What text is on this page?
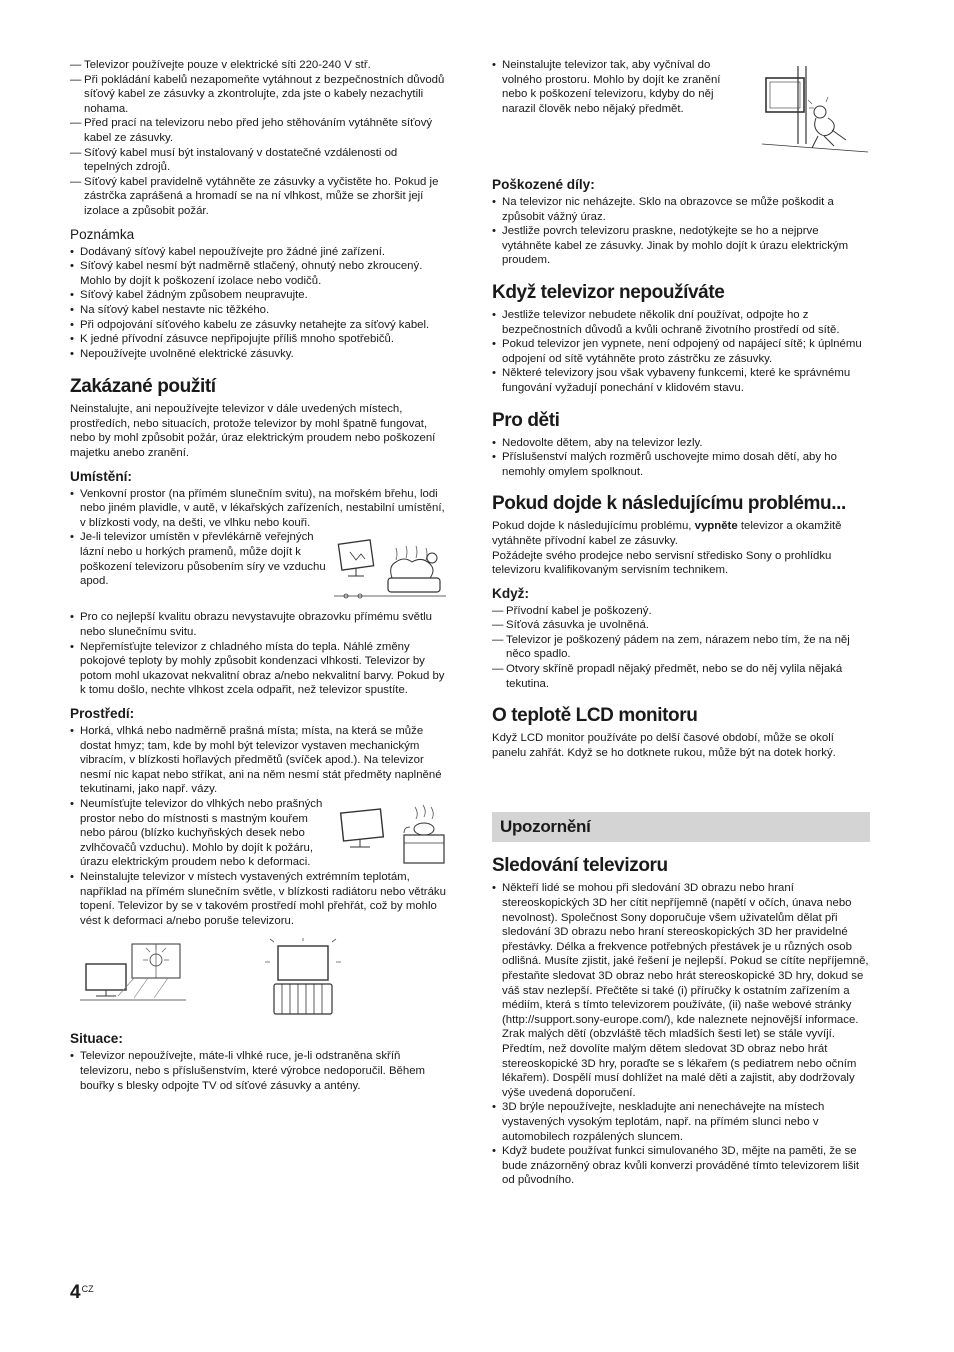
— Televizor používejte pouze v elektrické síti 220-240 V stř.
— Při pokládání kabelů nezapomeňte vytáhnout z bezpečnostních důvodů síťový kabel ze zásuvky a zkontrolujte, zda jste o kabely nezachytili nohama.
— Před prací na televizoru nebo před jeho stěhováním vytáhněte síťový kabel ze zásuvky.
— Síťový kabel musí být instalovaný v dostatečné vzdálenosti od tepelných zdrojů.
— Síťový kabel pravidelně vytáhněte ze zásuvky a vyčistěte ho. Pokud je zástrčka zaprášená a hromadí se na ní vlhkost, může se zhoršit její izolace a způsobit požár.
Poznámka
• Dodávaný síťový kabel nepoužívejte pro žádné jiné zařízení.
• Síťový kabel nesmí být nadměrně stlačený, ohnutý nebo zkroucený. Mohlo by dojít k poškození izolace nebo vodičů.
• Síťový kabel žádným způsobem neupravujte.
• Na síťový kabel nestavte nic těžkého.
• Při odpojování síťového kabelu ze zásuvky netahejte za síťový kabel.
• K jedné přívodní zásuvce nepřipojujte příliš mnoho spotřebičů.
• Nepoužívejte uvolněné elektrické zásuvky.
Zakázané použití

Neinstalujte, ani nepoužívejte televizor v dále uvedených místech, prostředích, nebo situacích, protože televizor by mohl špatně fungovat, nebo by mohl způsobit požár, úraz elektrickým proudem nebo poškození majetku anebo zranění.

Umístění:
• Venkovní prostor (na přímém slunečním svitu), na mořském břehu, lodi nebo jiném plavidle, v autě, v lékařských zařízeních, nestabilní umístění, v blízkosti vody, na dešti, ve vlhku nebo kouři.
• Je-li televizor umístěn v převlékárně veřejných lázní nebo u horkých pramenů, může dojít k poškození televizoru působením síry ve vzduchu apod.
• Pro co nejlepší kvalitu obrazu nevystavujte obrazovku přímému světlu nebo slunečnímu svitu.
• Nepřemísťujte televizor z chladného místa do tepla. Náhlé změny pokojové teploty by mohly způsobit kondenzaci vlhkosti. Televizor by potom mohl ukazovat nekvalitní obraz a/nebo nekvalitní barvy. Pokud by k tomu došlo, nechte vlhkost zcela odpařit, než televizor spustíte.
Prostředí:
• Horká, vlhká nebo nadměrně prašná místa; místa, na která se může dostat hmyz; tam, kde by mohl být televizor vystaven mechanickým vibracím, v blízkosti hořlavých předmětů (svíček apod.). Na televizor nesmí nic kapat nebo stříkat, ani na něm nesmí stát předměty naplněné tekutinami, jako např. vázy.
• Neumísťujte televizor do vlhkých nebo prašných prostor nebo do místnosti s mastným kouřem nebo párou (blízko kuchyňských desek nebo zvlhčovačů vzduchu). Mohlo by dojít k požáru, úrazu elektrickým proudem nebo k deformaci.
• Neinstalujte televizor v místech vystavených extrémním teplotám, například na přímém slunečním světle, v blízkosti radiátoru nebo větráku topení. Televizor by se v takovém prostředí mohl přehřát, což by mohlo vést k deformaci a/nebo poruše televizoru.
Situace:
• Televizor nepoužívejte, máte-li vlhké ruce, je-li odstraněna skříň televizoru, nebo s příslušenstvím, které výrobce nedoporučil. Během bouřky s blesky odpojte TV od síťové zásuvky a antény.
• Neinstalujte televizor tak, aby vyčníval do volného prostoru. Mohlo by dojít ke zranění nebo k poškození televizoru, kdyby do něj narazil člověk nebo nějaký předmět.
Poškozené díly:
• Na televizor nic neházejte. Sklo na obrazovce se může poškodit a způsobit vážný úraz.
• Jestliže povrch televizoru praskne, nedotýkejte se ho a nejprve vytáhněte kabel ze zásuvky. Jinak by mohlo dojít k úrazu elektrickým proudem.
Když televizor nepoužíváte
• Jestliže televizor nebudete několik dní používat, odpojte ho z bezpečnostních důvodů a kvůli ochraně životního prostředí od sítě.
• Pokud televizor jen vypnete, není odpojený od napájecí sítě; k úplnému odpojení od sítě vytáhněte proto zástrčku ze zásuvky.
• Některé televizory jsou však vybaveny funkcemi, které ke správnému fungování vyžadují ponechání v klidovém stavu.
Pro děti
• Nedovolte dětem, aby na televizor lezly.
• Příslušenství malých rozměrů uschovejte mimo dosah dětí, aby ho nemohly omylem spolknout.
Pokud dojde k následujícímu problému...

Pokud dojde k následujícímu problému, vypněte televizor a okamžitě vytáhněte přívodní kabel ze zásuvky.

Požádejte svého prodejce nebo servisní středisko Sony o prohlídku televizoru kvalifikovaným servisním technikem.

Když:
— Přívodní kabel je poškozený.
— Síťová zásuvka je uvolněná.
— Televizor je poškozený pádem na zem, nárazem nebo tím, že na něj něco spadlo.
— Otvory skříně propadl nějaký předmět, nebo se do něj vylila nějaká tekutina.
O teplotě LCD monitoru

Když LCD monitor používáte po delší časové období, může se okolí panelu zahřát. Když se ho dotknete rukou, může být na dotek horký.

Upozornění
Sledování televizoru
• Někteří lidé se mohou při sledování 3D obrazu nebo hraní stereoskopických 3D her cítit nepříjemně (napětí v očích, únava nebo nevolnost). Společnost Sony doporučuje všem uživatelům dělat při sledování 3D obrazu nebo hraní stereoskopických 3D her pravidelné přestávky. Délka a frekvence potřebných přestávek je u různých osob odlišná. Musíte zjistit, jaké řešení je nejlepší. Pokud se cítíte nepříjemně, přestaňte sledovat 3D obraz nebo hrát stereoskopické 3D hry, dokud se váš stav nezlepší. Přečtěte si také (i) příručky k ostatním zařízením a médiím, která s tímto televizorem používáte, (ii) naše webové stránky (http://support.sony-europe.com/), kde naleznete nejnovější informace. Zrak malých dětí (obzvláště těch mladších šesti let) se stále vyvíjí. Předtím, než dovolíte malým dětem sledovat 3D obraz nebo hrát stereoskopické 3D hry, poraďte se s lékařem (s pediatrem nebo očním lékařem). Dospělí musí dohlížet na malé děti a zajistit, aby dodržovaly výše uvedená doporučení.
• 3D brýle nepoužívejte, neskladujte ani nenechávejte na místech vystavených vysokým teplotám, např. na přímém slunci nebo v automobilech rozpálených sluncem.
• Když budete používat funkci simulovaného 3D, mějte na paměti, že se bude znázorněný obraz kvůli konverzi prováděné tímto televizorem lišit od původního.
$4^{CZ}$
